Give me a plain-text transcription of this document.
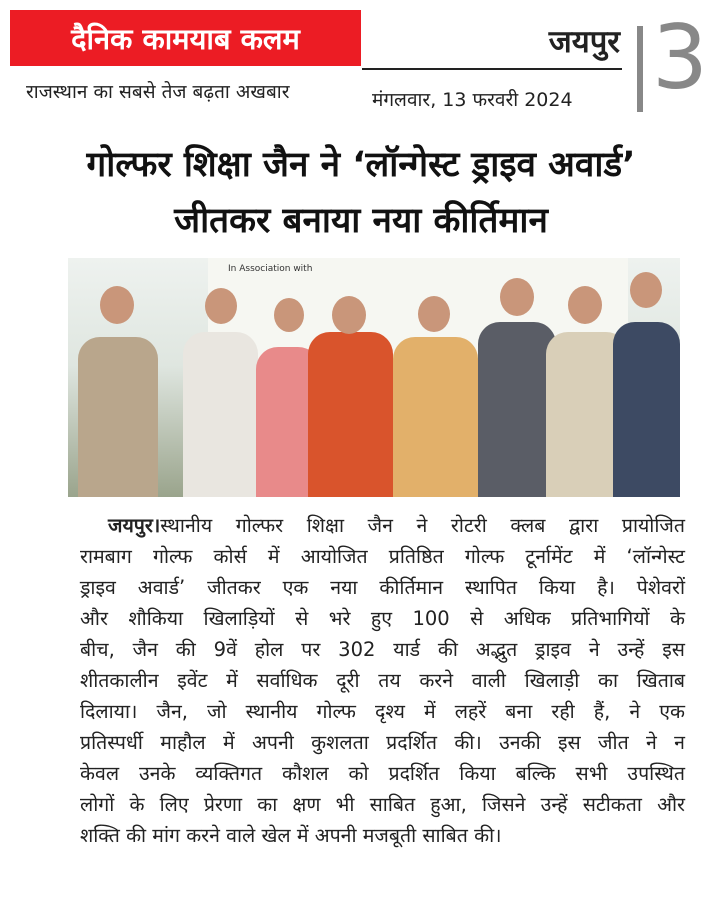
दैनिक कामयाब कलम
राजस्थान का सबसे तेज बढ़ता अखबार
जयपुर
मंगलवार, 13 फरवरी 2024 3
गोल्फर शिक्षा जैन ने ‘लॉन्गेस्ट ड्राइव अवार्ड’
जीतकर बनाया नया कीर्तिमान
In Association with
जयपुर।स्थानीय गोल्फर शिक्षा जैन ने रोटरी क्लब द्वारा प्रायोजित
रामबाग गोल्फ कोर्स में आयोजित प्रतिष्ठित गोल्फ टूर्नामेंट में ‘लॉन्गेस्ट
ड्राइव अवार्ड’ जीतकर एक नया कीर्तिमान स्थापित किया है। पेशेवरों
और शौकिया खिलाड़ियों से भरे हुए 100 से अधिक प्रतिभागियों के
बीच, जैन की 9वें होल पर 302 यार्ड की अद्भुत ड्राइव ने उन्हें इस
शीतकालीन इवेंट में सर्वाधिक दूरी तय करने वाली खिलाड़ी का खिताब
दिलाया। जैन, जो स्थानीय गोल्फ दृश्य में लहरें बना रही हैं, ने एक
प्रतिस्पर्धी माहौल में अपनी कुशलता प्रदर्शित की। उनकी इस जीत ने न
केवल उनके व्यक्तिगत कौशल को प्रदर्शित किया बल्कि सभी उपस्थित
लोगों के लिए प्रेरणा का क्षण भी साबित हुआ, जिसने उन्हें सटीकता और
शक्ति की मांग करने वाले खेल में अपनी मजबूती साबित की।
